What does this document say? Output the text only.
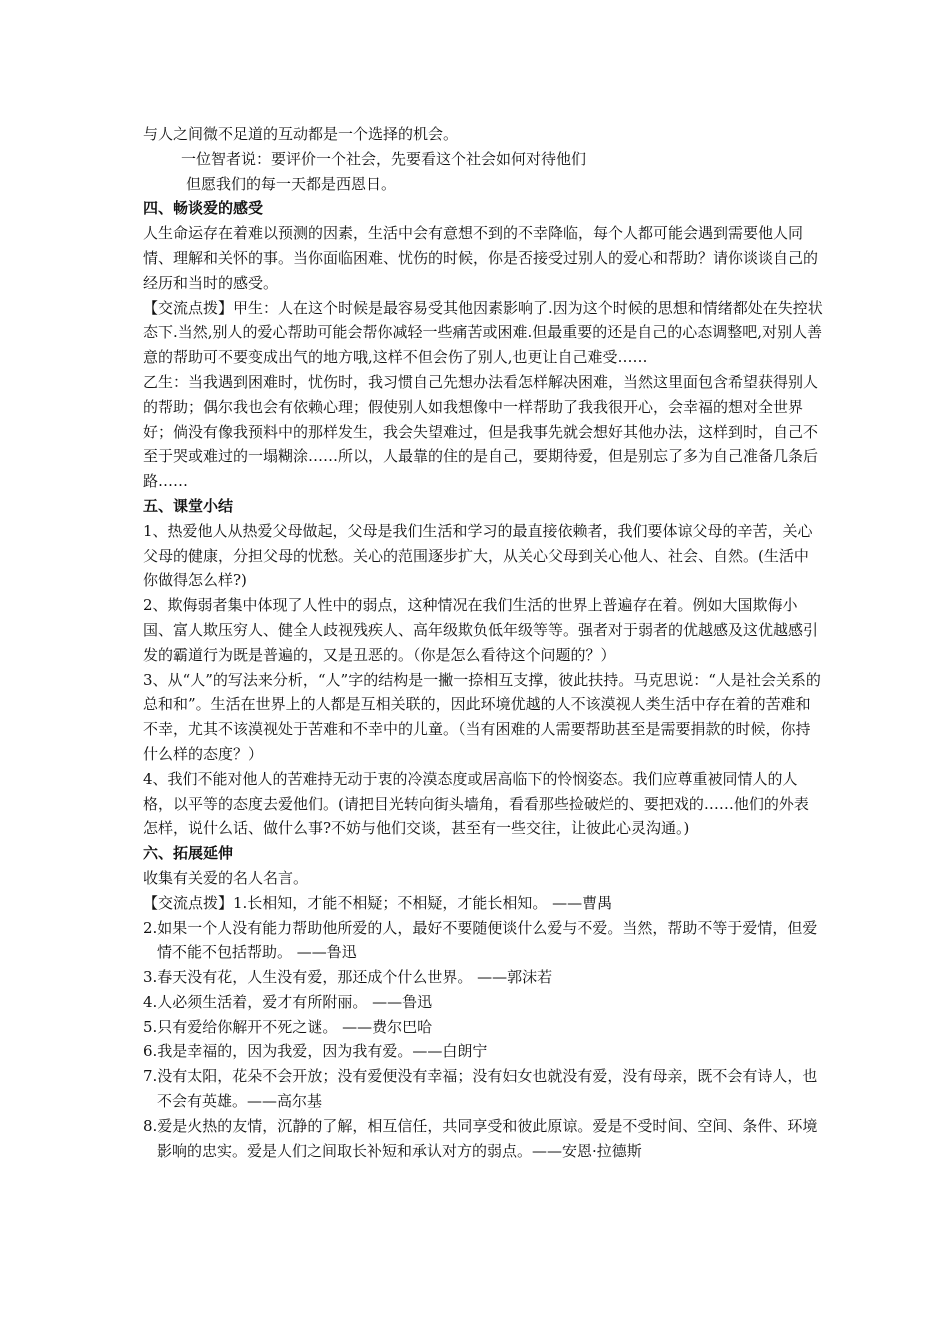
与人之间微不足道的互动都是一个选择的机会。

一位智者说：要评价一个社会，先要看这个社会如何对待他们

但愿我们的每一天都是西恩日。

四、畅谈爱的感受

人生命运存在着难以预测的因素，生活中会有意想不到的不幸降临，每个人都可能会遇到需要他人同情、理解和关怀的事。当你面临困难、忧伤的时候，你是否接受过别人的爱心和帮助？请你谈谈自己的经历和当时的感受。

【交流点拨】甲生：人在这个时候是最容易受其他因素影响了.因为这个时候的思想和情绪都处在失控状态下.当然,别人的爱心帮助可能会帮你减轻一些痛苦或困难.但最重要的还是自己的心态调整吧,对别人善意的帮助可不要变成出气的地方哦,这样不但会伤了别人,也更让自己难受……

乙生：当我遇到困难时，忧伤时，我习惯自己先想办法看怎样解决困难，当然这里面包含希望获得别人的帮助；偶尔我也会有依赖心理；假使别人如我想像中一样帮助了我我很开心，会幸福的想对全世界好；倘没有像我预料中的那样发生，我会失望难过，但是我事先就会想好其他办法，这样到时，自己不至于哭或难过的一塌糊涂……所以，人最靠的住的是自己，要期待爱，但是别忘了多为自己准备几条后路……

五、课堂小结

1、热爱他人从热爱父母做起，父母是我们生活和学习的最直接依赖者，我们要体谅父母的辛苦，关心父母的健康，分担父母的忧愁。关心的范围逐步扩大，从关心父母到关心他人、社会、自然。(生活中你做得怎么样?)

2、欺侮弱者集中体现了人性中的弱点，这种情况在我们生活的世界上普遍存在着。例如大国欺侮小国、富人欺压穷人、健全人歧视残疾人、高年级欺负低年级等等。强者对于弱者的优越感及这优越感引发的霸道行为既是普遍的，又是丑恶的。（你是怎么看待这个问题的？）

3、从“人”的写法来分析，“人”字的结构是一撇一捺相互支撑，彼此扶持。马克思说：“人是社会关系的总和和”。生活在世界上的人都是互相关联的，因此环境优越的人不该漠视人类生活中存在着的苦难和不幸，尤其不该漠视处于苦难和不幸中的儿童。（当有困难的人需要帮助甚至是需要捐款的时候，你持什么样的态度？）

4、我们不能对他人的苦难持无动于衷的冷漠态度或居高临下的怜悯姿态。我们应尊重被同情人的人格，以平等的态度去爱他们。(请把目光转向街头墙角，看看那些捡破烂的、要把戏的……他们的外表怎样，说什么话、做什么事?不妨与他们交谈，甚至有一些交往，让彼此心灵沟通。)

六、拓展延伸

收集有关爱的名人名言。

【交流点拨】1.长相知，才能不相疑；不相疑，才能长相知。 ——曹禺

2.如果一个人没有能力帮助他所爱的人，最好不要随便谈什么爱与不爱。当然，帮助不等于爱情，但爱情不能不包括帮助。 ——鲁迅

3.春天没有花，人生没有爱，那还成个什么世界。 ——郭沫若

4.人必须生活着，爱才有所附丽。 ——鲁迅

5.只有爱给你解开不死之谜。 ——费尔巴哈

6.我是幸福的，因为我爱，因为我有爱。——白朗宁

7.没有太阳，花朵不会开放；没有爱便没有幸福；没有妇女也就没有爱，没有母亲，既不会有诗人，也不会有英雄。——高尔基

8.爱是火热的友情，沉静的了解，相互信任，共同享受和彼此原谅。爱是不受时间、空间、条件、环境影响的忠实。爱是人们之间取长补短和承认对方的弱点。——安恩·拉德斯
